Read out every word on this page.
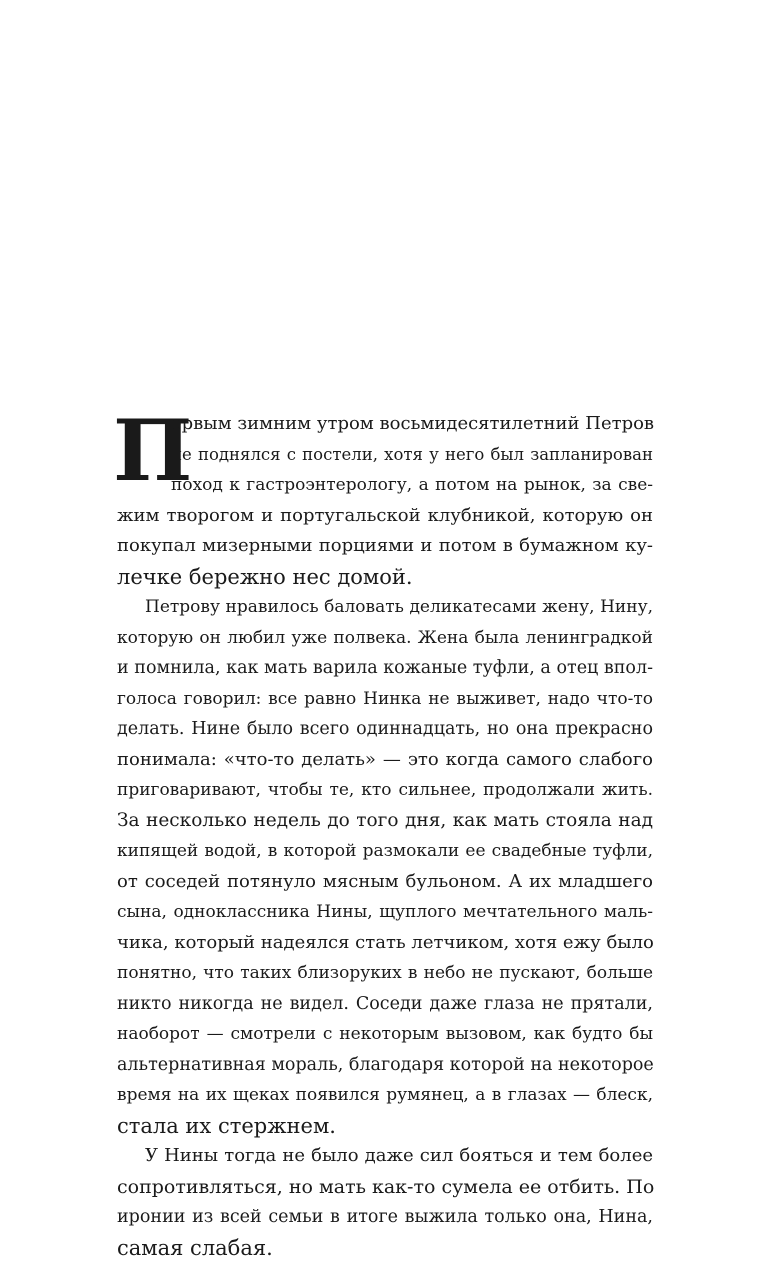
П
ервым зимним утром восьмидесятилетний Петров
не поднялся с постели, хотя у него был запланирован
поход к гастроэнтерологу, а потом на рынок, за све-
жим творогом и португальской клубникой, которую он
покупал мизерными порциями и потом в бумажном ку-
лечке бережно нес домой.
Петрову нравилось баловать деликатесами жену, Нину,
которую он любил уже полвека. Жена была ленинградкой
и помнила, как мать варила кожаные туфли, а отец впол-
голоса говорил: все равно Нинка не выживет, надо что-то
делать. Нине было всего одиннадцать, но она прекрасно
понимала: «что-то делать» — это когда самого слабого
приговаривают, чтобы те, кто сильнее, продолжали жить.
За несколько недель до того дня, как мать стояла над
кипящей водой, в которой размокали ее свадебные туфли,
от соседей потянуло мясным бульоном. А их младшего
сына, одноклассника Нины, щуплого мечтательного маль-
чика, который надеялся стать летчиком, хотя ежу было
понятно, что таких близоруких в небо не пускают, больше
никто никогда не видел. Соседи даже глаза не прятали,
наоборот — смотрели с некоторым вызовом, как будто бы
альтернативная мораль, благодаря которой на некоторое
время на их щеках появился румянец, а в глазах — блеск,
стала их стержнем.
У Нины тогда не было даже сил бояться и тем более
сопротивляться, но мать как-то сумела ее отбить. По
иронии из всей семьи в итоге выжила только она, Нина,
самая слабая.
